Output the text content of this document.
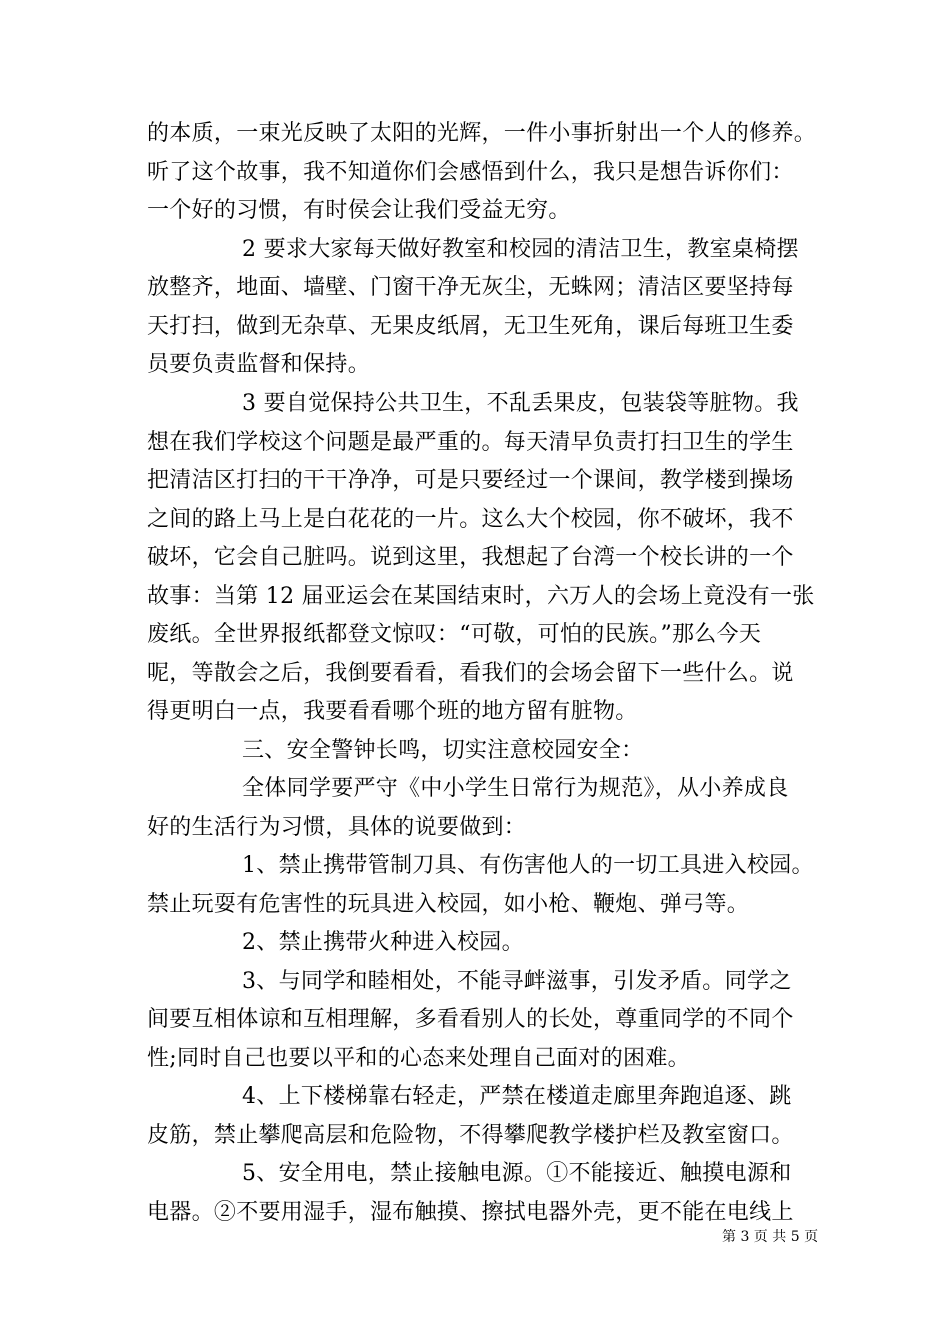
的本质，一束光反映了太阳的光辉，一件小事折射出一个人的修养。
听了这个故事，我不知道你们会感悟到什么，我只是想告诉你们：
一个好的习惯，有时侯会让我们受益无穷。
2 要求大家每天做好教室和校园的清洁卫生，教室桌椅摆
放整齐，地面、墙壁、门窗干净无灰尘，无蛛网；清洁区要坚持每
天打扫，做到无杂草、无果皮纸屑，无卫生死角，课后每班卫生委
员要负责监督和保持。
3 要自觉保持公共卫生，不乱丢果皮，包装袋等脏物。我
想在我们学校这个问题是最严重的。每天清早负责打扫卫生的学生
把清洁区打扫的干干净净，可是只要经过一个课间，教学楼到操场
之间的路上马上是白花花的一片。这么大个校园，你不破坏，我不
破坏，它会自己脏吗。说到这里，我想起了台湾一个校长讲的一个
故事：当第 12 届亚运会在某国结束时，六万人的会场上竟没有一张
废纸。全世界报纸都登文惊叹：“可敬，可怕的民族。”那么今天
呢，等散会之后，我倒要看看，看我们的会场会留下一些什么。说
得更明白一点，我要看看哪个班的地方留有脏物。
三、安全警钟长鸣，切实注意校园安全：
全体同学要严守《中小学生日常行为规范》，从小养成良
好的生活行为习惯，具体的说要做到：
1、禁止携带管制刀具、有伤害他人的一切工具进入校园。
禁止玩耍有危害性的玩具进入校园，如小枪、鞭炮、弹弓等。
2、禁止携带火种进入校园。
3、与同学和睦相处，不能寻衅滋事，引发矛盾。同学之
间要互相体谅和互相理解，多看看别人的长处，尊重同学的不同个
性;同时自己也要以平和的心态来处理自己面对的困难。
4、上下楼梯靠右轻走，严禁在楼道走廊里奔跑追逐、跳
皮筋，禁止攀爬高层和危险物，不得攀爬教学楼护栏及教室窗口。
5、安全用电，禁止接触电源。①不能接近、触摸电源和
电器。②不要用湿手，湿布触摸、擦拭电器外壳，更不能在电线上
第 3 页 共 5 页
